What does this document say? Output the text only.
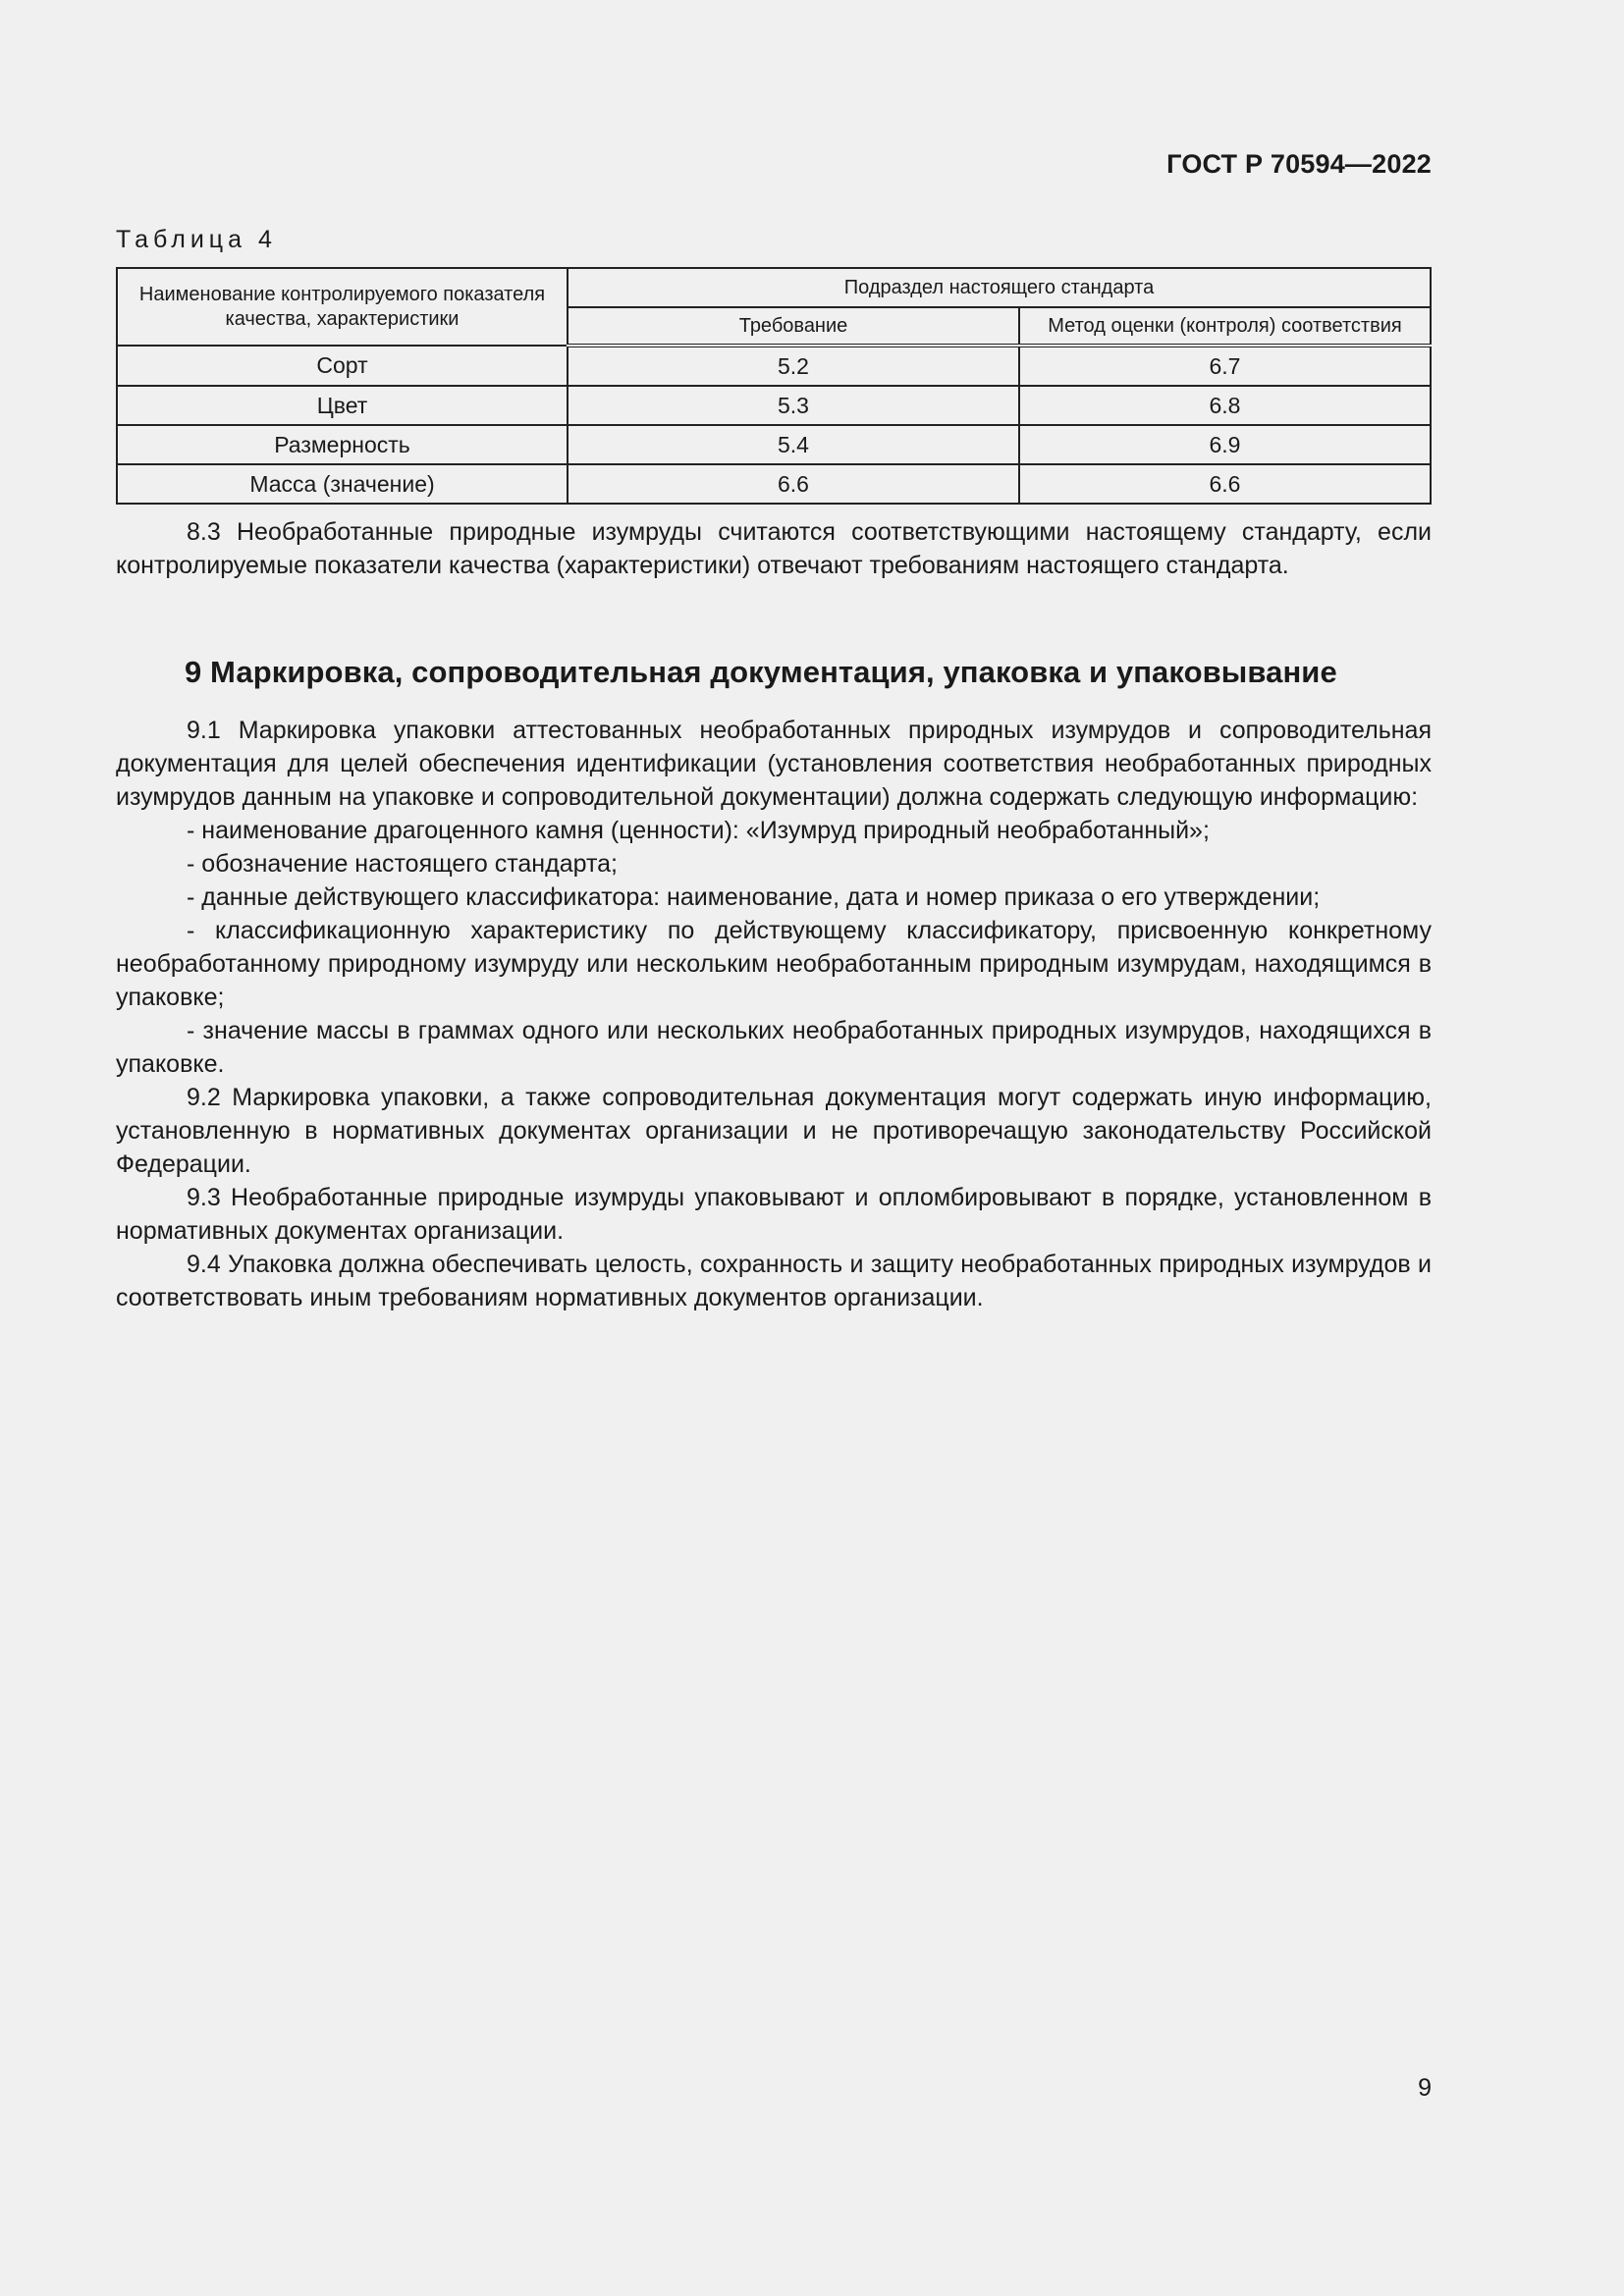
ГОСТ Р 70594—2022
Таблица 4
Наименование контролируемого показателя качества, характеристики	Подраздел настоящего стандарта	
	Требование	Метод оценки (контроля) соответствия
Сорт	5.2	6.7
Цвет	5.3	6.8
Размерность	5.4	6.9
Масса (значение)	6.6	6.6

8.3 Необработанные природные изумруды считаются соответствующими настоящему стандарту, если контролируемые показатели качества (характеристики) отвечают требованиям настоящего стандарта.

9 Маркировка, сопроводительная документация, упаковка и упаковывание

9.1 Маркировка упаковки аттестованных необработанных природных изумрудов и сопроводительная документация для целей обеспечения идентификации (установления соответствия необработанных природных изумрудов данным на упаковке и сопроводительной документации) должна содержать следующую информацию:

- наименование драгоценного камня (ценности): «Изумруд природный необработанный»;

- обозначение настоящего стандарта;

- данные действующего классификатора: наименование, дата и номер приказа о его утверждении;

- классификационную характеристику по действующему классификатору, присвоенную конкретному необработанному природному изумруду или нескольким необработанным природным изумрудам, находящимся в упаковке;

- значение массы в граммах одного или нескольких необработанных природных изумрудов, находящихся в упаковке.

9.2 Маркировка упаковки, а также сопроводительная документация могут содержать иную информацию, установленную в нормативных документах организации и не противоречащую законодательству Российской Федерации.

9.3 Необработанные природные изумруды упаковывают и опломбировывают в порядке, установленном в нормативных документах организации.

9.4 Упаковка должна обеспечивать целость, сохранность и защиту необработанных природных изумрудов и соответствовать иным требованиям нормативных документов организации.

9
